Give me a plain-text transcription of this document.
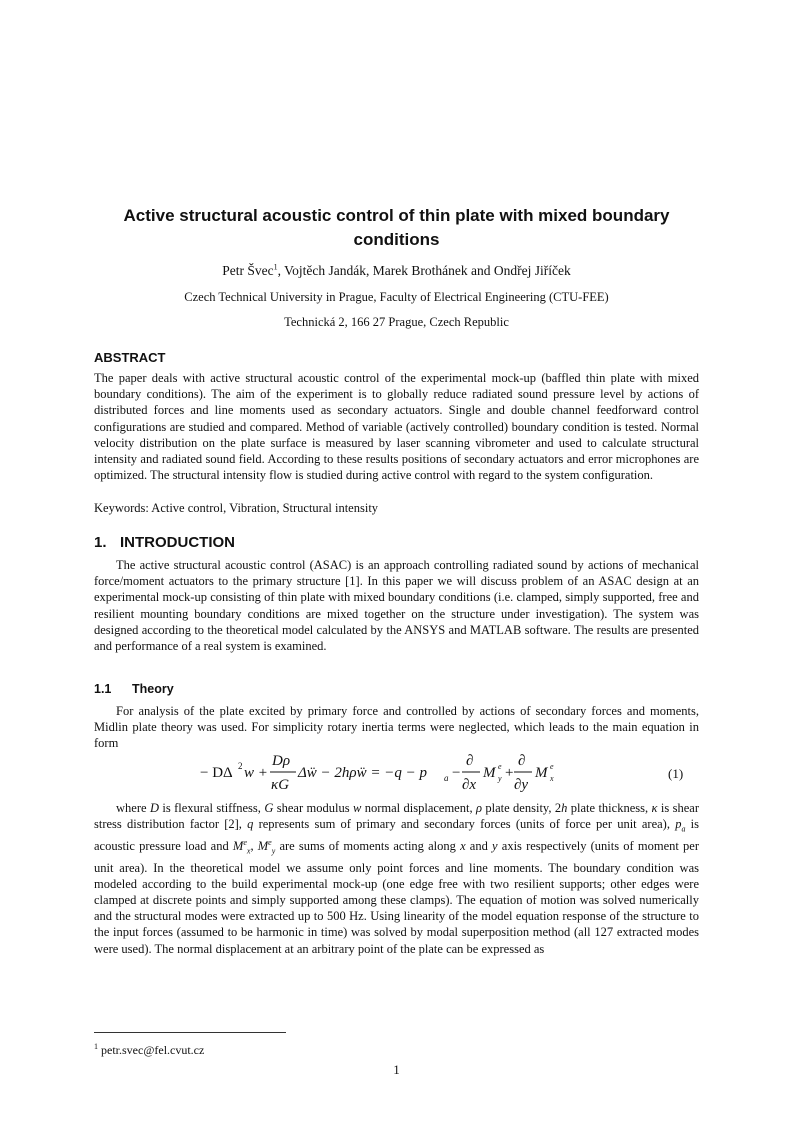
Active structural acoustic control of thin plate with mixed boundary conditions
Petr Švec$^1$, Vojtěch Jandák, Marek Brothánek and Ondřej Jiříček
Czech Technical University in Prague, Faculty of Electrical Engineering (CTU-FEE)
Technická 2, 166 27 Prague, Czech Republic
ABSTRACT

The paper deals with active structural acoustic control of the experimental mock-up (baffled thin plate with mixed boundary conditions). The aim of the experiment is to globally reduce radiated sound pressure level by actions of distributed forces and line moments used as secondary actuators. Single and double channel feedforward control configurations are studied and compared. Method of variable (actively controlled) boundary condition is tested. Normal velocity distribution on the plate surface is measured by laser scanning vibrometer and used to calculate structural intensity and radiated sound field. According to these results positions of secondary actuators and error microphones are optimized. The structural intensity flow is studied during active control with regard to the system configuration.

Keywords: Active control, Vibration, Structural intensity

1. INTRODUCTION

The active structural acoustic control (ASAC) is an approach controlling radiated sound by actions of mechanical force/moment actuators to the primary structure [1]. In this paper we will discuss problem of an ASAC design at an experimental mock-up consisting of thin plate with mixed boundary conditions (i.e. clamped, simply supported, free and resilient mounting boundary conditions are mixed together on the structure under investigation). The system was designed according to the theoretical model calculated by the ANSYS and MATLAB software. The results are presented and performance of a real system is examined.

1.1 Theory

For analysis of the plate excited by primary force and controlled by actions of secondary forces and moments, Midlin plate theory was used. For simplicity rotary inertia terms were neglected, which leads to the main equation in form

− DΔ 2 w +
Dρ
κG
Δẅ − 2hρẅ = −q − p a −
∂
∂x
M e
y +
∂
∂y
M e
x	(1)

where D is flexural stiffness, G shear modulus w normal displacement, ρ plate density, 2h plate thickness, κ is shear stress distribution factor [2], q represents sum of primary and secondary forces (units of force per unit area), $p_a$ is acoustic pressure load and $M^e_x$, $M^e_y$ are sums of moments acting along x and y axis respectively (units of moment per unit area). In the theoretical model we assume only point forces and line moments. The boundary condition was modeled according to the build experimental mock-up (one edge free with two resilient supports; other edges were clamped at discrete points and simply supported among these clamps). The equation of motion was solved numerically and the structural modes were extracted up to 500 Hz. Using linearity of the model equation response of the structure to the input forces (assumed to be harmonic in time) was solved by modal superposition method (all 127 extracted modes were used). The normal displacement at an arbitrary point of the plate can be expressed as

$^1$ petr.svec@fel.cvut.cz
1
